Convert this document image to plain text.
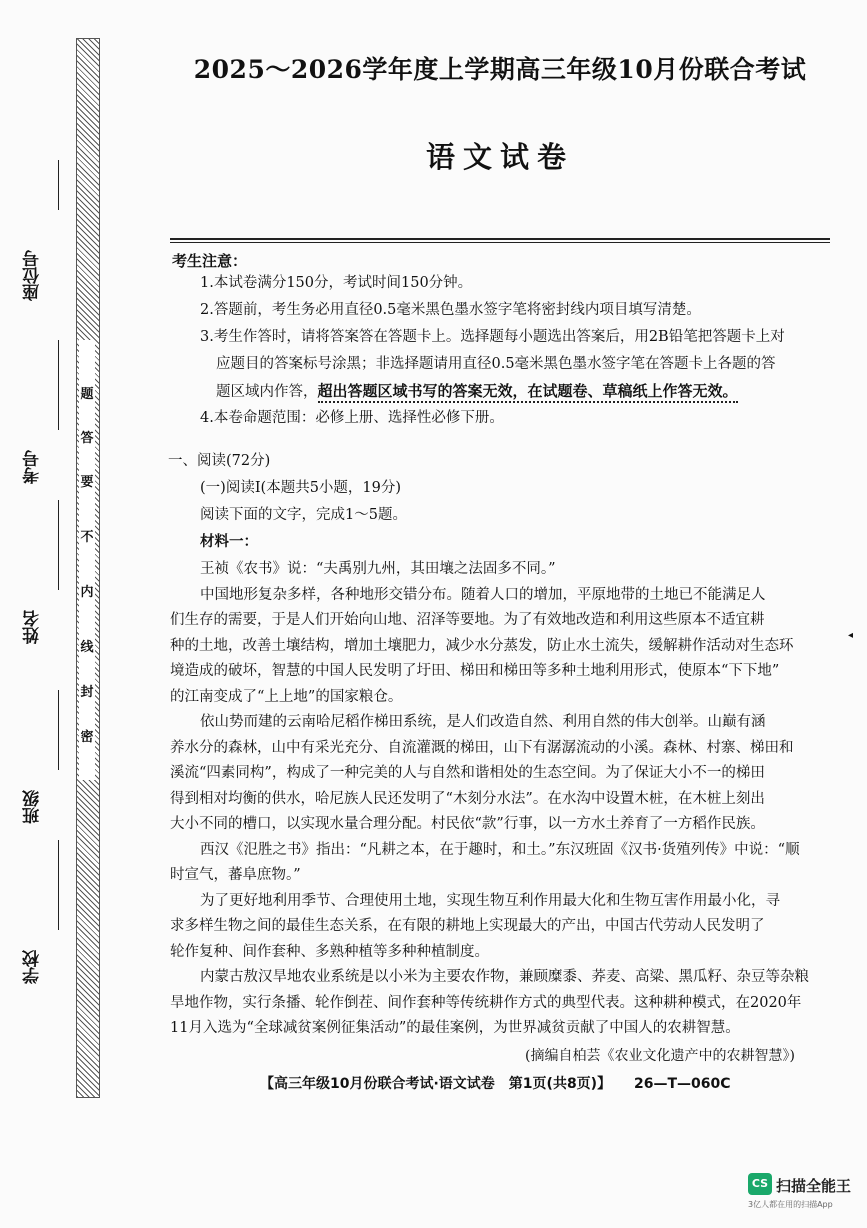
题
答
要
不
内
线
封
密
座位号
考号
姓名
班级
学校
2025～2026学年度上学期高三年级10月份联合考试
语文试卷
考生注意：
1.本试卷满分150分，考试时间150分钟。
2.答题前，考生务必用直径0.5毫米黑色墨水签字笔将密封线内项目填写清楚。
3.考生作答时，请将答案答在答题卡上。选择题每小题选出答案后，用2B铅笔把答题卡上对
应题目的答案标号涂黑；非选择题请用直径0.5毫米黑色墨水签字笔在答题卡上各题的答
题区域内作答，超出答题区域书写的答案无效，在试题卷、草稿纸上作答无效。
4.本卷命题范围：必修上册、选择性必修下册。
一、阅读(72分)
(一)阅读Ⅰ(本题共5小题，19分)
阅读下面的文字，完成1～5题。
材料一：
王祯《农书》说：“夫禹别九州，其田壤之法固多不同。”
中国地形复杂多样，各种地形交错分布。随着人口的增加，平原地带的土地已不能满足人
们生存的需要，于是人们开始向山地、沼泽等要地。为了有效地改造和利用这些原本不适宜耕
种的土地，改善土壤结构，增加土壤肥力，减少水分蒸发，防止水土流失，缓解耕作活动对生态环
境造成的破坏，智慧的中国人民发明了圩田、梯田和梯田等多种土地利用形式，使原本“下下地”
的江南变成了“上上地”的国家粮仓。
依山势而建的云南哈尼稻作梯田系统，是人们改造自然、利用自然的伟大创举。山巅有涵
养水分的森林，山中有采光充分、自流灌溉的梯田，山下有潺潺流动的小溪。森林、村寨、梯田和
溪流“四素同构”，构成了一种完美的人与自然和谐相处的生态空间。为了保证大小不一的梯田
得到相对均衡的供水，哈尼族人民还发明了“木刻分水法”。在水沟中设置木桩，在木桩上刻出
大小不同的槽口，以实现水量合理分配。村民依“款”行事，以一方水土养育了一方稻作民族。
西汉《氾胜之书》指出：“凡耕之本，在于趣时，和土。”东汉班固《汉书·货殖列传》中说：“顺
时宣气，蕃阜庶物。”
为了更好地利用季节、合理使用土地，实现生物互利作用最大化和生物互害作用最小化，寻
求多样生物之间的最佳生态关系，在有限的耕地上实现最大的产出，中国古代劳动人民发明了
轮作复种、间作套种、多熟种植等多种种植制度。
内蒙古敖汉旱地农业系统是以小米为主要农作物，兼顾糜黍、荞麦、高粱、黑瓜籽、杂豆等杂粮
旱地作物，实行条播、轮作倒茬、间作套种等传统耕作方式的典型代表。这种耕种模式，在2020年
11月入选为“全球减贫案例征集活动”的最佳案例，为世界减贫贡献了中国人的农耕智慧。
◂
【高三年级10月份联合考试·语文试卷　第1页(共8页)】 26—T—060C
CS 扫描全能王
3亿人都在用的扫描App
(摘编自柏芸《农业文化遗产中的农耕智慧》)
